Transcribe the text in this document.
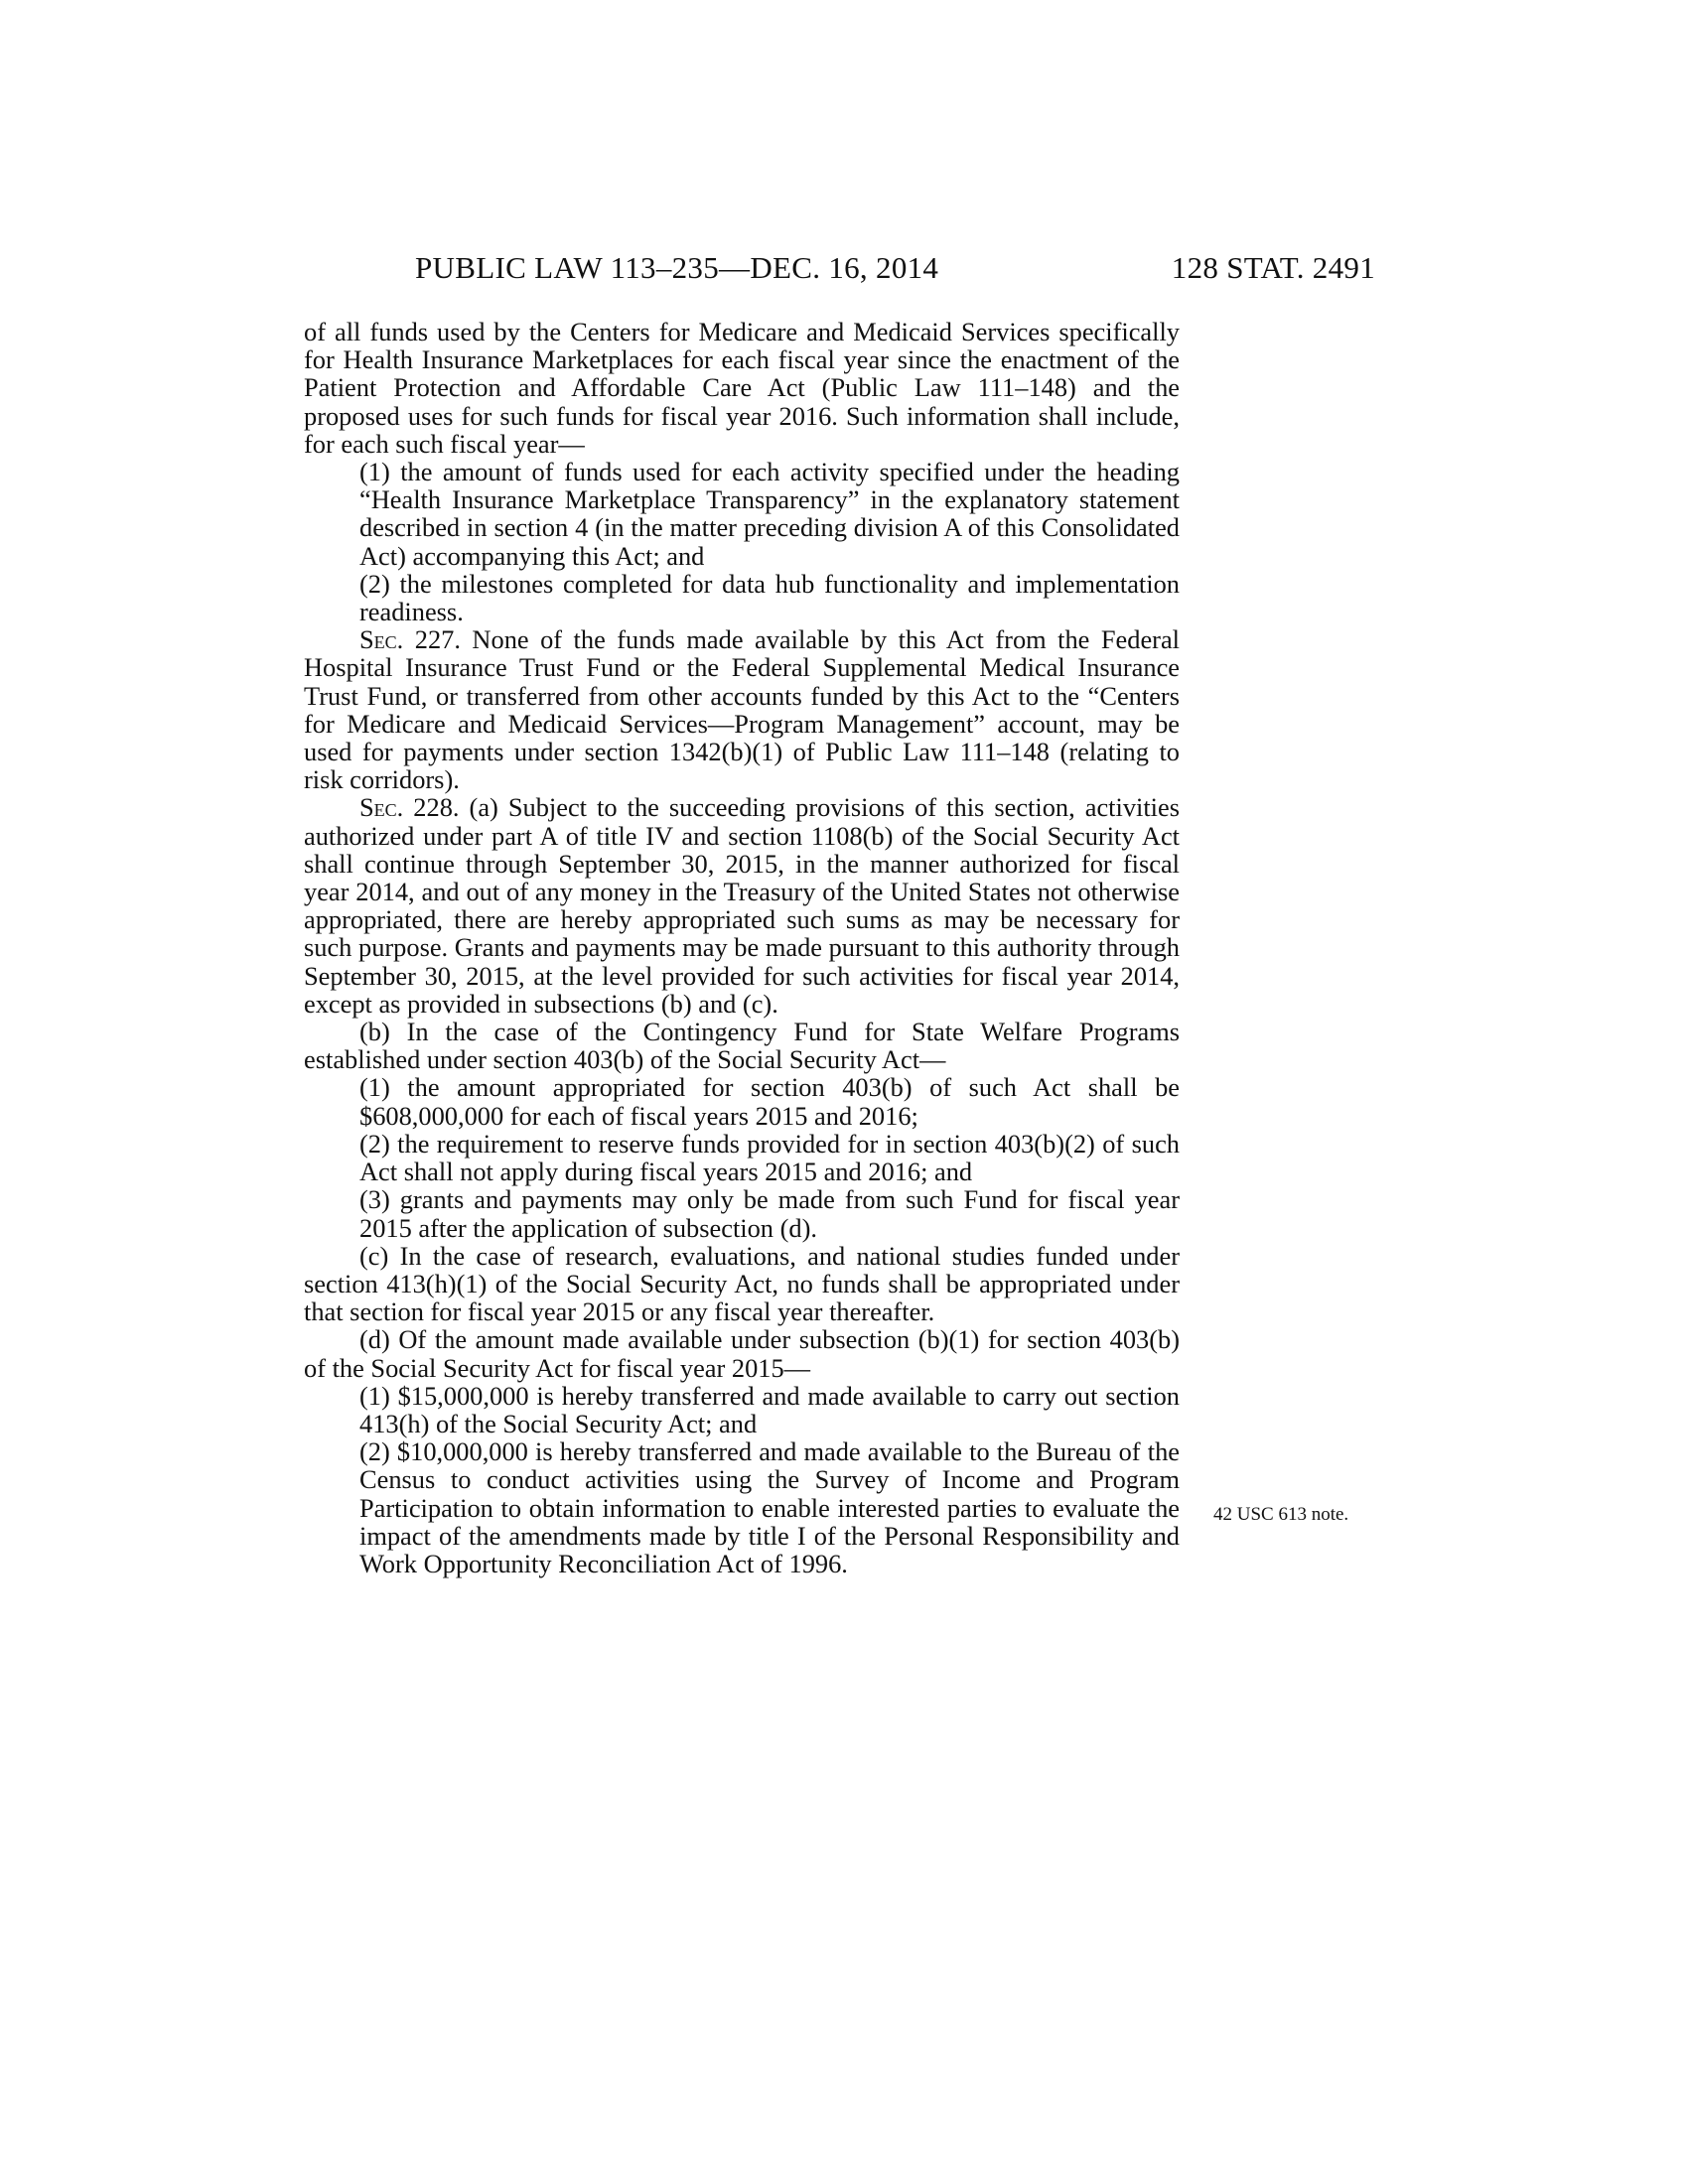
PUBLIC LAW 113–235—DEC. 16, 2014	128 STAT. 2491

of all funds used by the Centers for Medicare and Medicaid Services specifically for Health Insurance Marketplaces for each fiscal year since the enactment of the Patient Protection and Affordable Care Act (Public Law 111–148) and the proposed uses for such funds for fiscal year 2016. Such information shall include, for each such fiscal year—

(1) the amount of funds used for each activity specified under the heading “Health Insurance Marketplace Transparency” in the explanatory statement described in section 4 (in the matter preceding division A of this Consolidated Act) accompanying this Act; and

(2) the milestones completed for data hub functionality and implementation readiness.

Sec. 227. None of the funds made available by this Act from the Federal Hospital Insurance Trust Fund or the Federal Supplemental Medical Insurance Trust Fund, or transferred from other accounts funded by this Act to the “Centers for Medicare and Medicaid Services—Program Management” account, may be used for payments under section 1342(b)(1) of Public Law 111–148 (relating to risk corridors).

Sec. 228. (a) Subject to the succeeding provisions of this section, activities authorized under part A of title IV and section 1108(b) of the Social Security Act shall continue through September 30, 2015, in the manner authorized for fiscal year 2014, and out of any money in the Treasury of the United States not otherwise appropriated, there are hereby appropriated such sums as may be necessary for such purpose. Grants and payments may be made pursuant to this authority through September 30, 2015, at the level provided for such activities for fiscal year 2014, except as provided in subsections (b) and (c).

(b) In the case of the Contingency Fund for State Welfare Programs established under section 403(b) of the Social Security Act—

(1) the amount appropriated for section 403(b) of such Act shall be $608,000,000 for each of fiscal years 2015 and 2016;

(2) the requirement to reserve funds provided for in section 403(b)(2) of such Act shall not apply during fiscal years 2015 and 2016; and

(3) grants and payments may only be made from such Fund for fiscal year 2015 after the application of subsection (d).

(c) In the case of research, evaluations, and national studies funded under section 413(h)(1) of the Social Security Act, no funds shall be appropriated under that section for fiscal year 2015 or any fiscal year thereafter.

(d) Of the amount made available under subsection (b)(1) for section 403(b) of the Social Security Act for fiscal year 2015—

(1) $15,000,000 is hereby transferred and made available to carry out section 413(h) of the Social Security Act; and

(2) $10,000,000 is hereby transferred and made available to the Bureau of the Census to conduct activities using the Survey of Income and Program Participation to obtain information to enable interested parties to evaluate the impact of the amendments made by title I of the Personal Responsibility and Work Opportunity Reconciliation Act of 1996.

42 USC 613 note.
